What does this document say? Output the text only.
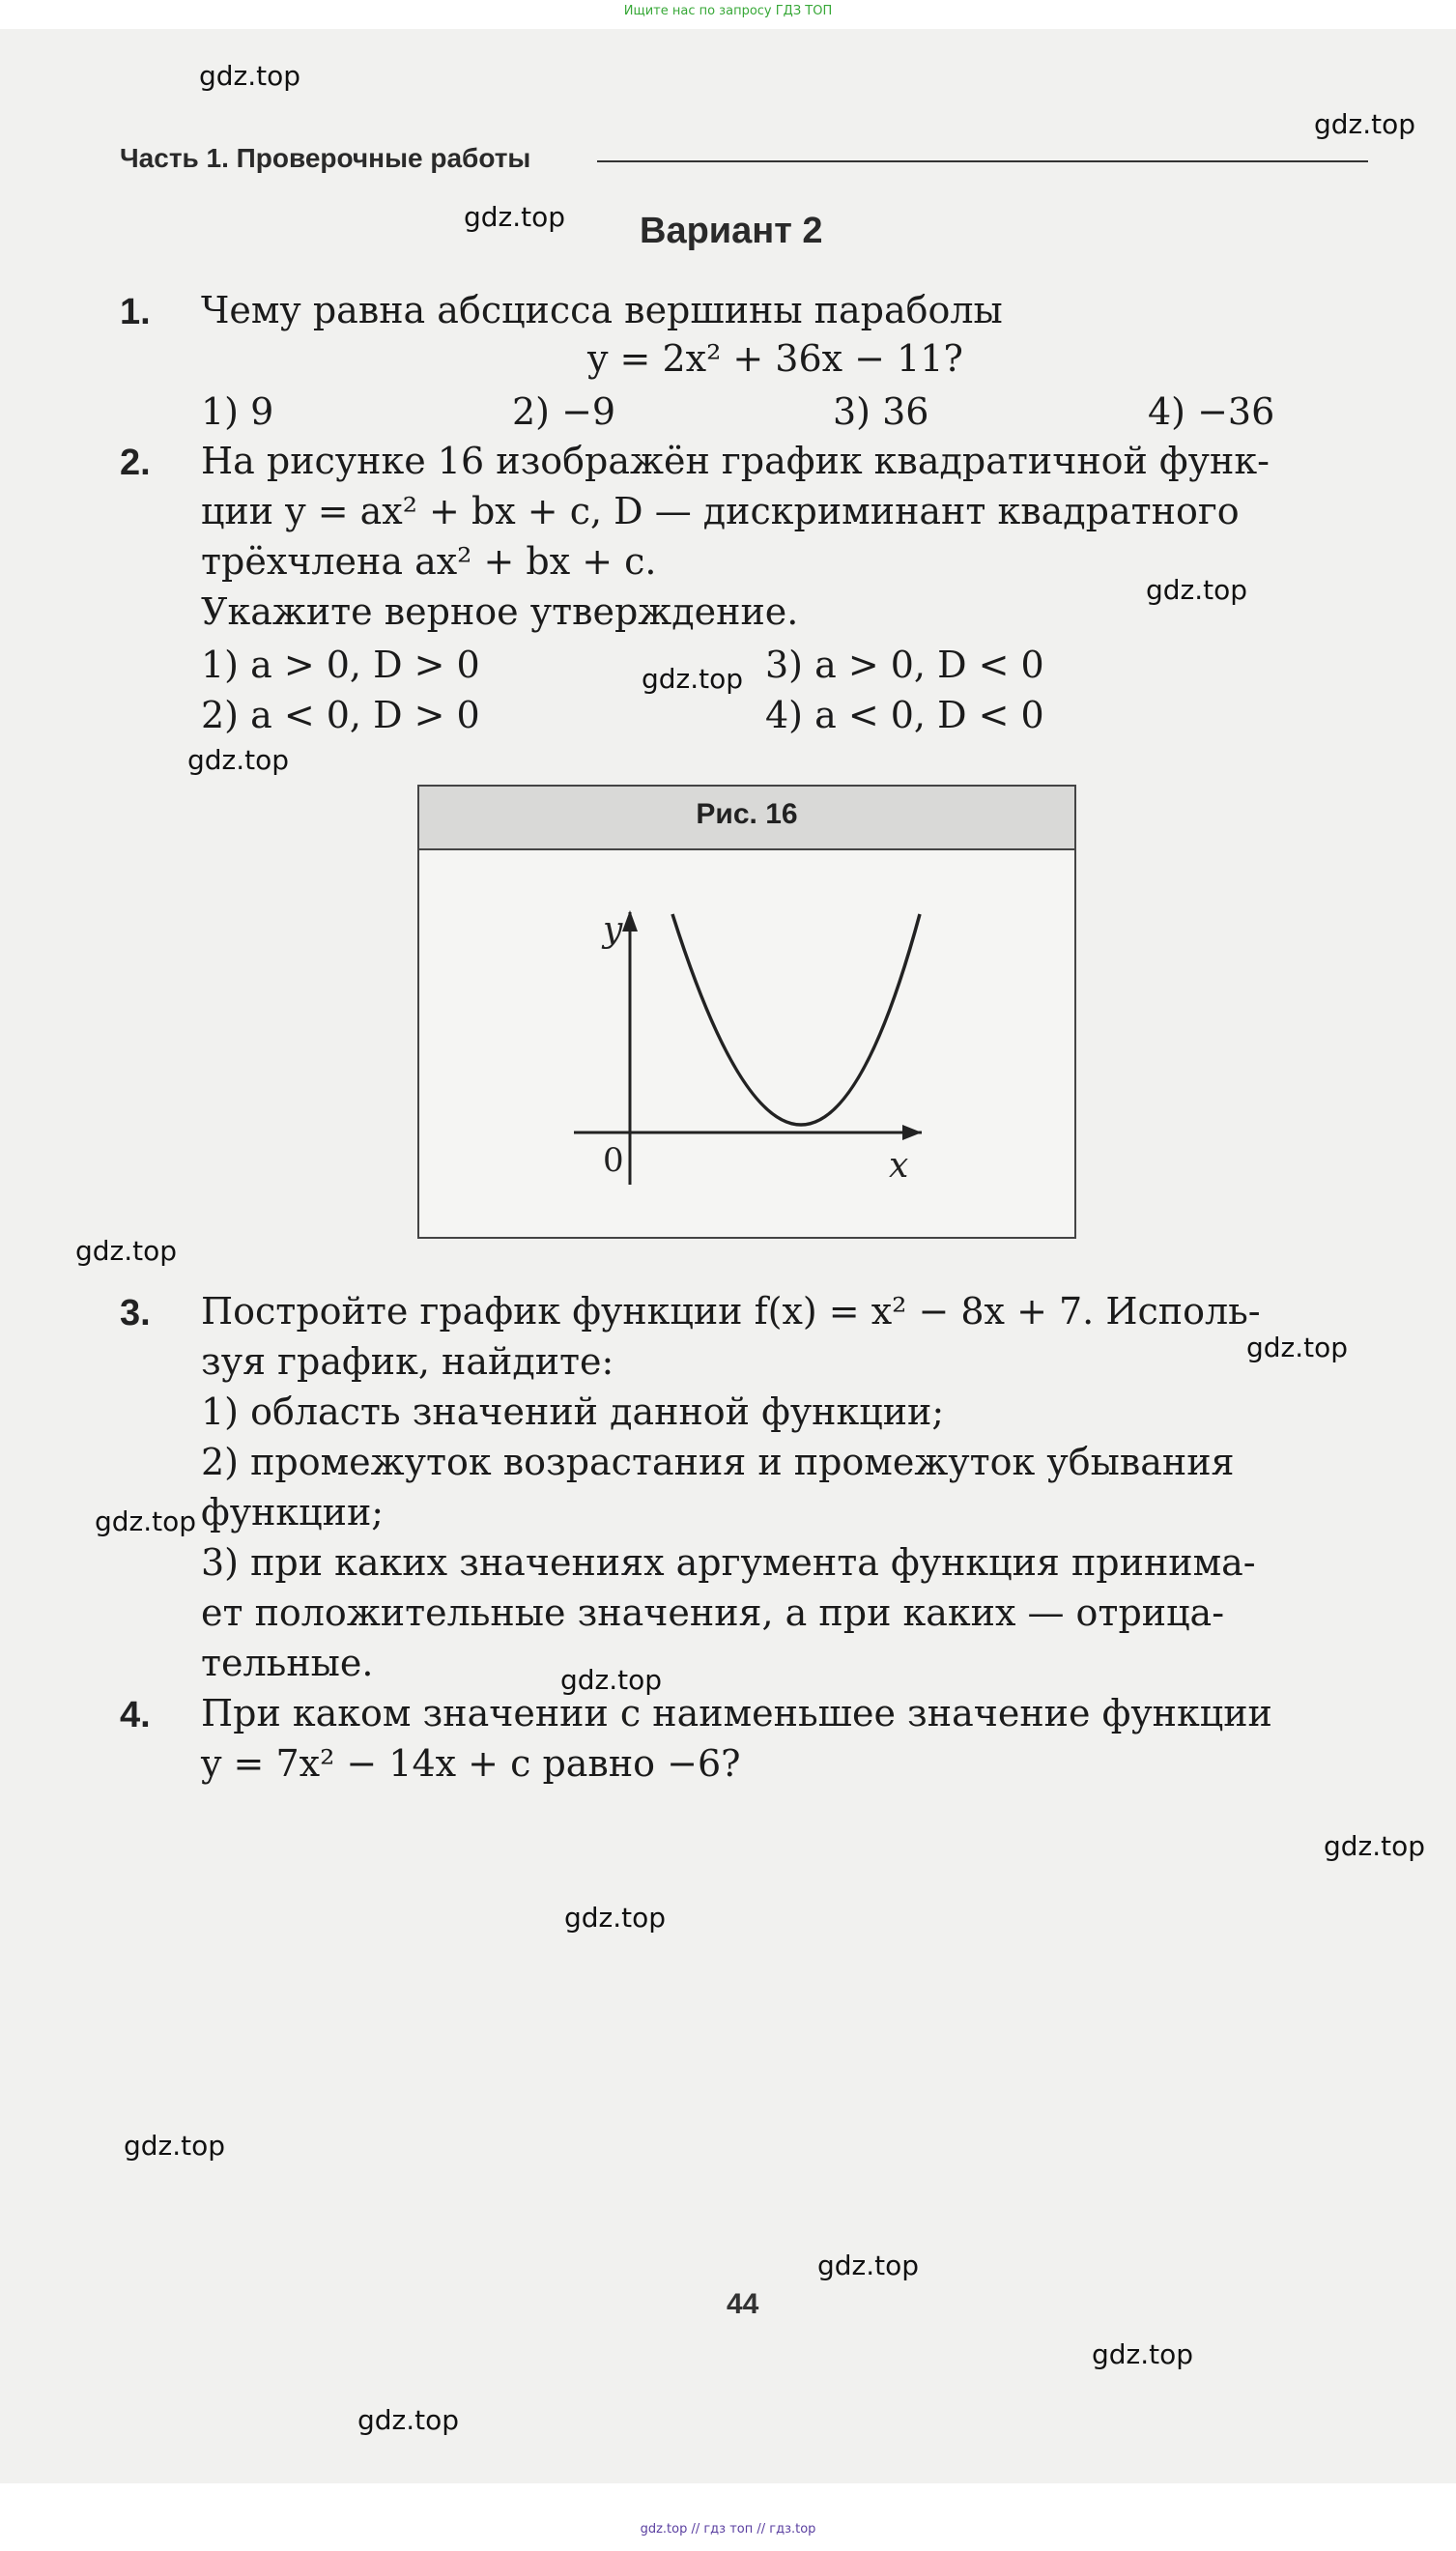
Ищите нас по запросу ГДЗ ТОП
gdz.top
gdz.top
gdz.top
gdz.top
gdz.top
gdz.top
gdz.top
gdz.top
gdz.top
gdz.top
gdz.top
gdz.top
gdz.top
gdz.top
gdz.top
gdz.top
Часть 1. Проверочные работы
Вариант 2
1. Чему равна абсцисса вершины параболы
y = 2x² + 36x − 11?
1) 9	2) −9	3) 36	4) −36
2. На рисунке 16 изображён график квадратичной функ-
ции y = ax² + bx + c, D — дискриминант квадратного
трёхчлена ax² + bx + c.
Укажите верное утверждение.
1) a > 0, D > 0	3) a > 0, D < 0
2) a < 0, D > 0	4) a < 0, D < 0
Рис. 16
y
x
0
3. Постройте график функции f(x) = x² − 8x + 7. Исполь-
зуя график, найдите:
1) область значений данной функции;
2) промежуток возрастания и промежуток убывания
функции;
3) при каких значениях аргумента функция принима-
ет положительные значения, а при каких — отрица-
тельные.
4. При каком значении c наименьшее значение функции
y = 7x² − 14x + c равно −6?
44
gdz.top // гдз топ // гдз.top
